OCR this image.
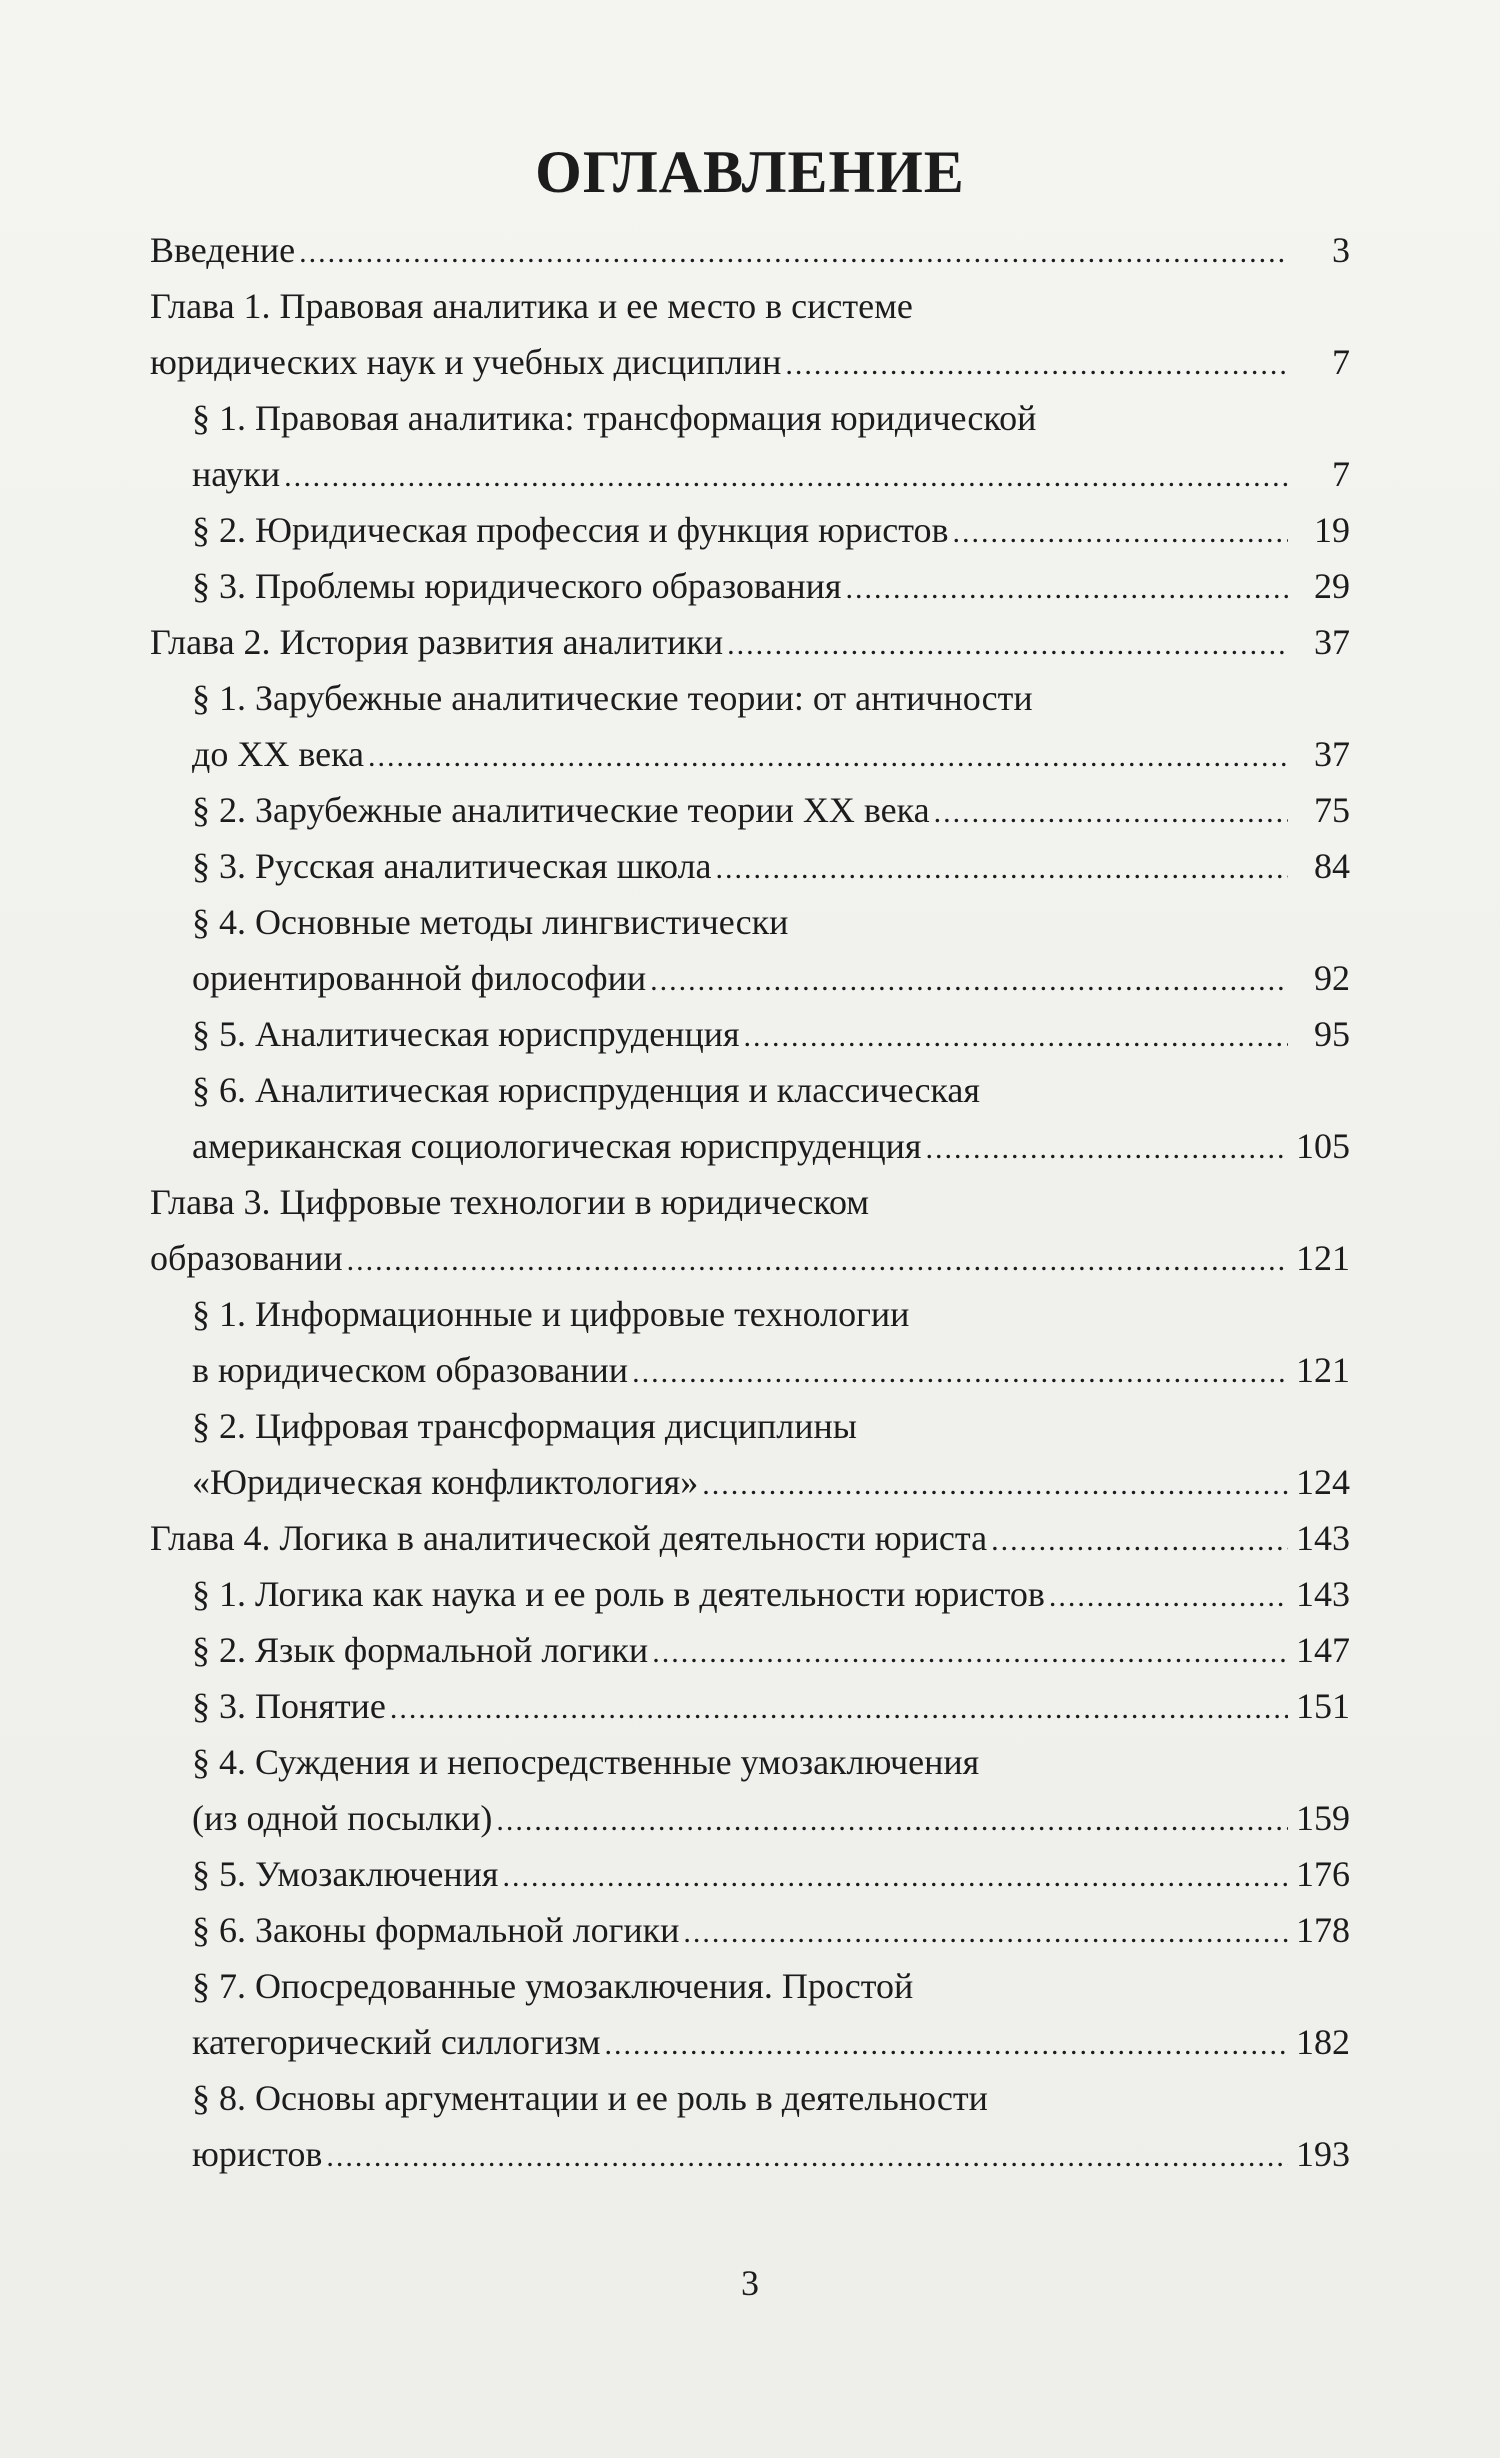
ОГЛАВЛЕНИЕ
Введение .....	3
Глава 1. Правовая аналитика и ее место в системе
юридических наук и учебных дисциплин .....	7
§ 1. Правовая аналитика: трансформация юридической
науки .....	7
§ 2. Юридическая профессия и функция юристов .....	19
§ 3. Проблемы юридического образования .....	29
Глава 2. История развития аналитики .....	37
§ 1. Зарубежные аналитические теории: от античности
до XX века .....	37
§ 2. Зарубежные аналитические теории XX века .....	75
§ 3. Русская аналитическая школа .....	84
§ 4. Основные методы лингвистически
ориентированной философии .....	92
§ 5. Аналитическая юриспруденция .....	95
§ 6. Аналитическая юриспруденция и классическая
американская социологическая юриспруденция .....	105
Глава 3. Цифровые технологии в юридическом
образовании .....	121
§ 1. Информационные и цифровые технологии
в юридическом образовании .....	121
§ 2. Цифровая трансформация дисциплины
«Юридическая конфликтология» .....	124
Глава 4. Логика в аналитической деятельности юриста .....	143
§ 1. Логика как наука и ее роль в деятельности юристов .....	143
§ 2. Язык формальной логики .....	147
§ 3. Понятие .....	151
§ 4. Суждения и непосредственные умозаключения
(из одной посылки) .....	159
§ 5. Умозаключения .....	176
§ 6. Законы формальной логики .....	178
§ 7. Опосредованные умозаключения. Простой
категорический силлогизм .....	182
§ 8. Основы аргументации и ее роль в деятельности
юристов .....	193
3
